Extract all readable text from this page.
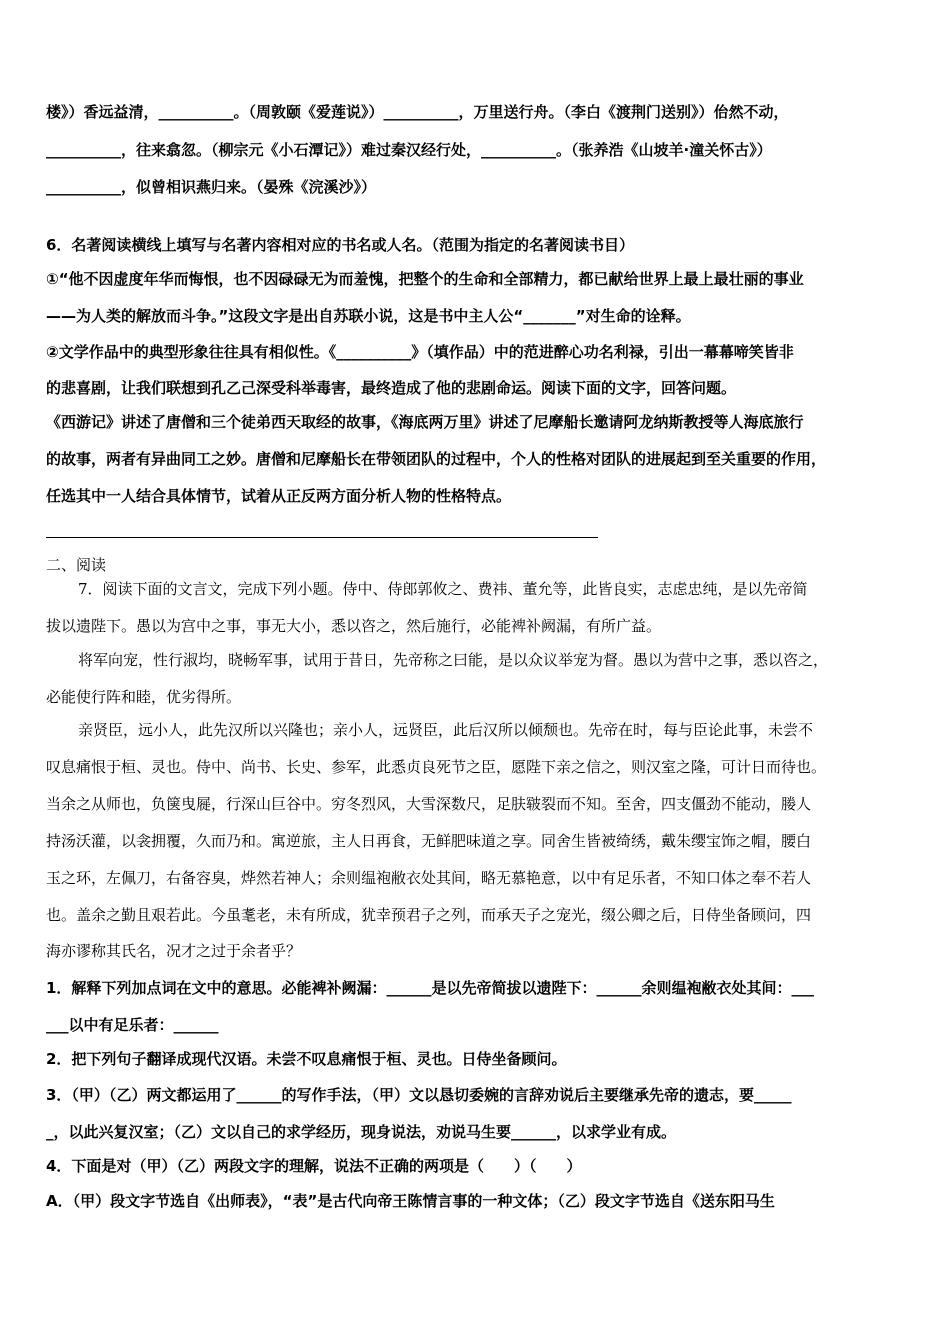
楼》）香远益清，__________。（周敦颐《爱莲说》）__________，万里送行舟。（李白《渡荆门送别》）佁然不动，
__________，往来翕忽。（柳宗元《小石潭记》）难过秦汉经行处，__________。（张养浩《山坡羊·潼关怀古》）
__________，似曾相识燕归来。（晏殊《浣溪沙》）
6．名著阅读横线上填写与名著内容相对应的书名或人名。（范围为指定的名著阅读书目）
①“他不因虚度年华而悔恨，也不因碌碌无为而羞愧，把整个的生命和全部精力，都已献给世界上最上最壮丽的事业
——为人类的解放而斗争。”这段文字是出自苏联小说，这是书中主人公“_______”对生命的诠释。
②文学作品中的典型形象往往具有相似性。《__________》（填作品）中的范进醉心功名利禄，引出一幕幕啼笑皆非
的悲喜剧，让我们联想到孔乙己深受科举毒害，最终造成了他的悲剧命运。阅读下面的文字，回答问题。
《西游记》讲述了唐僧和三个徒弟西天取经的故事，《海底两万里》讲述了尼摩船长邀请阿龙纳斯教授等人海底旅行
的故事，两者有异曲同工之妙。唐僧和尼摩船长在带领团队的过程中，个人的性格对团队的进展起到至关重要的作用，
任选其中一人结合具体情节，试着从正反两方面分析人物的性格特点。
二、阅读
7．阅读下面的文言文，完成下列小题。侍中、侍郎郭攸之、费祎、董允等，此皆良实，志虑忠纯，是以先帝简
拔以遗陛下。愚以为宫中之事，事无大小，悉以咨之，然后施行，必能裨补阙漏，有所广益。
将军向宠，性行淑均，晓畅军事，试用于昔日，先帝称之曰能，是以众议举宠为督。愚以为营中之事，悉以咨之，
必能使行阵和睦，优劣得所。
亲贤臣，远小人，此先汉所以兴隆也；亲小人，远贤臣，此后汉所以倾颓也。先帝在时，每与臣论此事，未尝不
叹息痛恨于桓、灵也。侍中、尚书、长史、参军，此悉贞良死节之臣，愿陛下亲之信之，则汉室之隆，可计日而待也。
当余之从师也，负箧曳屣，行深山巨谷中。穷冬烈风，大雪深数尺，足肤皲裂而不知。至舍，四支僵劲不能动，媵人
持汤沃灌，以衾拥覆，久而乃和。寓逆旅，主人日再食，无鲜肥味道之享。同舍生皆被绮绣，戴朱缨宝饰之帽，腰白
玉之环，左佩刀，右备容臭，烨然若神人；余则缊袍敝衣处其间，略无慕艳意，以中有足乐者，不知口体之奉不若人
也。盖余之勤且艰若此。今虽耄老，未有所成，犹幸预君子之列，而承天子之宠光，缀公卿之后，日侍坐备顾问，四
海亦谬称其氏名，况才之过于余者乎？
1．解释下列加点词在文中的意思。必能裨补阙漏：______是以先帝简拔以遗陛下：______余则缊袍敝衣处其间：___
___以中有足乐者：______
2．把下列句子翻译成现代汉语。未尝不叹息痛恨于桓、灵也。日侍坐备顾问。
3．（甲）（乙）两文都运用了______的写作手法，（甲）文以恳切委婉的言辞劝说后主要继承先帝的遗志，要_____
_，以此兴复汉室；（乙）文以自己的求学经历，现身说法，劝说马生要______，以求学业有成。
4．下面是对（甲）（乙）两段文字的理解，说法不正确的两项是（　　）（　　）
A．（甲）段文字节选自《出师表》，“表”是古代向帝王陈情言事的一种文体；（乙）段文字节选自《送东阳马生
